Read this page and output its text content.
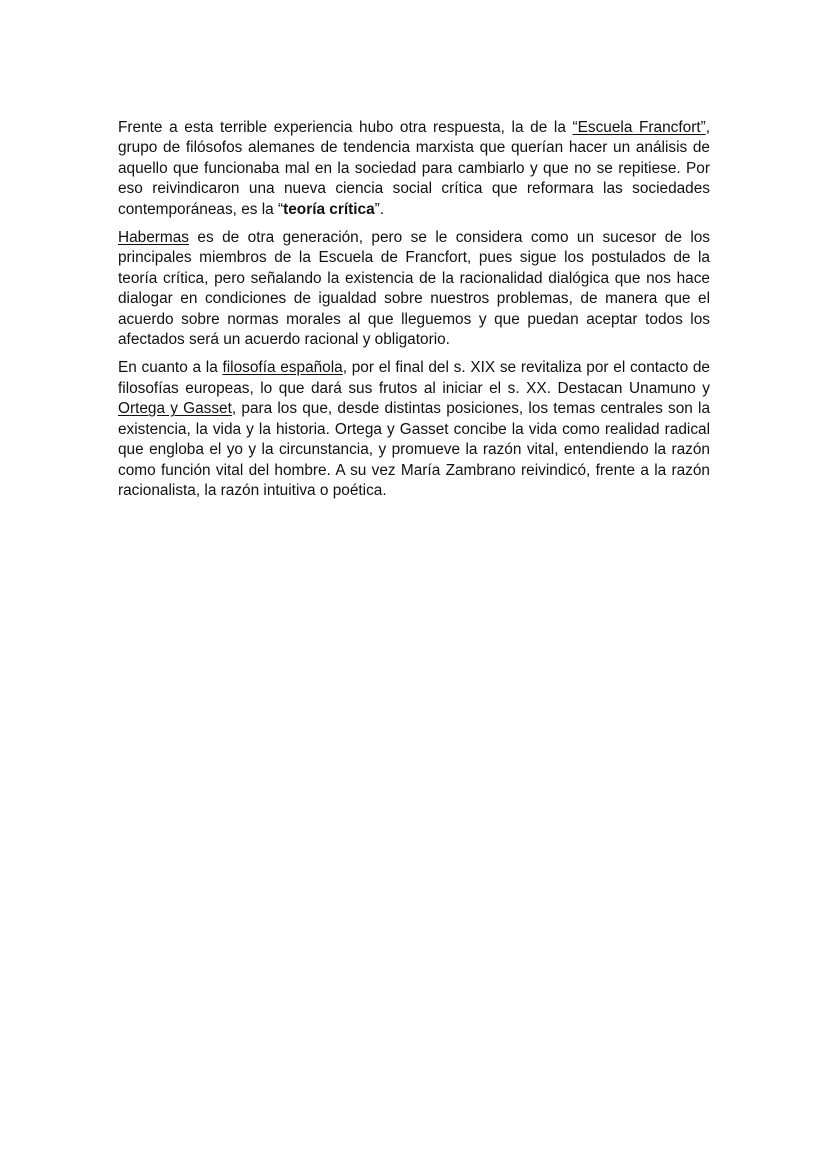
Frente a esta terrible experiencia hubo otra respuesta, la de la “Escuela Francfort”, grupo de filósofos alemanes de tendencia marxista que querían hacer un análisis de aquello que funcionaba mal en la sociedad para cambiarlo y que no se repitiese. Por eso reivindicaron una nueva ciencia social crítica que reformara las sociedades contemporáneas, es la “teoría crítica”.

Habermas es de otra generación, pero se le considera como un sucesor de los principales miembros de la Escuela de Francfort, pues sigue los postulados de la teoría crítica, pero señalando la existencia de la racionalidad dialógica que nos hace dialogar en condiciones de igualdad sobre nuestros problemas, de manera que el acuerdo sobre normas morales al que lleguemos y que puedan aceptar todos los afectados será un acuerdo racional y obligatorio.

En cuanto a la filosofía española, por el final del s. XIX se revitaliza por el contacto de filosofías europeas, lo que dará sus frutos al iniciar el s. XX. Destacan Unamuno y Ortega y Gasset, para los que, desde distintas posiciones, los temas centrales son la existencia, la vida y la historia. Ortega y Gasset concibe la vida como realidad radical que engloba el yo y la circunstancia, y promueve la razón vital, entendiendo la razón como función vital del hombre. A su vez María Zambrano reivindicó, frente a la razón racionalista, la razón intuitiva o poética.
